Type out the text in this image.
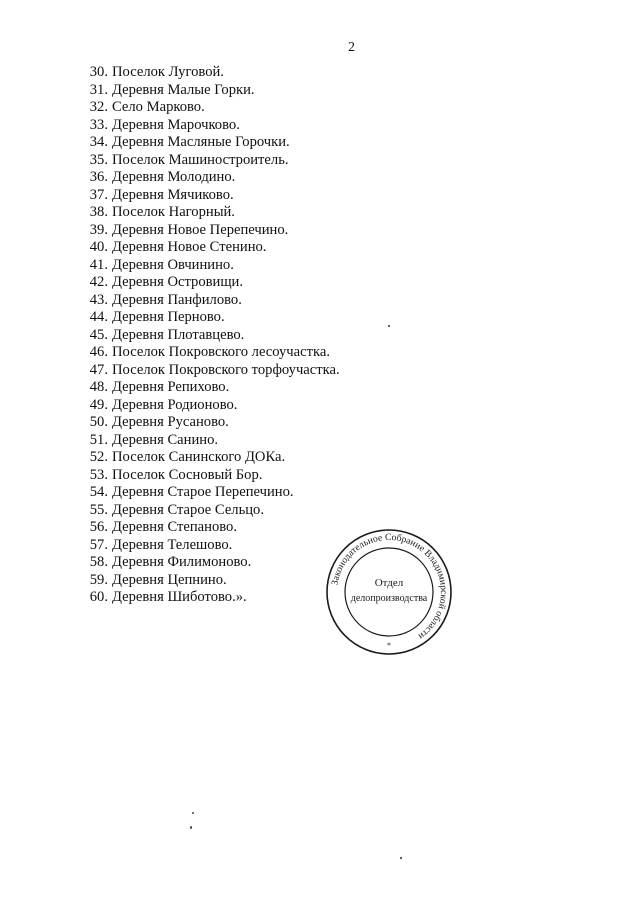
2
30. Поселок Луговой.
31. Деревня Малые Горки.
32. Село Марково.
33. Деревня Марочково.
34. Деревня Масляные Горочки.
35. Поселок Машиностроитель.
36. Деревня Молодино.
37. Деревня Мячиково.
38. Поселок Нагорный.
39. Деревня Новое Перепечино.
40. Деревня Новое Стенино.
41. Деревня Овчинино.
42. Деревня Островищи.
43. Деревня Панфилово.
44. Деревня Перново.
45. Деревня Плотавцево.
46. Поселок Покровского лесоучастка.
47. Поселок Покровского торфоучастка.
48. Деревня Репихово.
49. Деревня Родионово.
50. Деревня Русаново.
51. Деревня Санино.
52. Поселок Санинского ДОКа.
53. Поселок Сосновый Бор.
54. Деревня Старое Перепечино.
55. Деревня Старое Сельцо.
56. Деревня Степаново.
57. Деревня Телешово.
58. Деревня Филимоново.
59. Деревня Цепнино.
60. Деревня Шиботово.».
Законодательное Собрание Владимирской области
*
Отдел
делопроизводства
